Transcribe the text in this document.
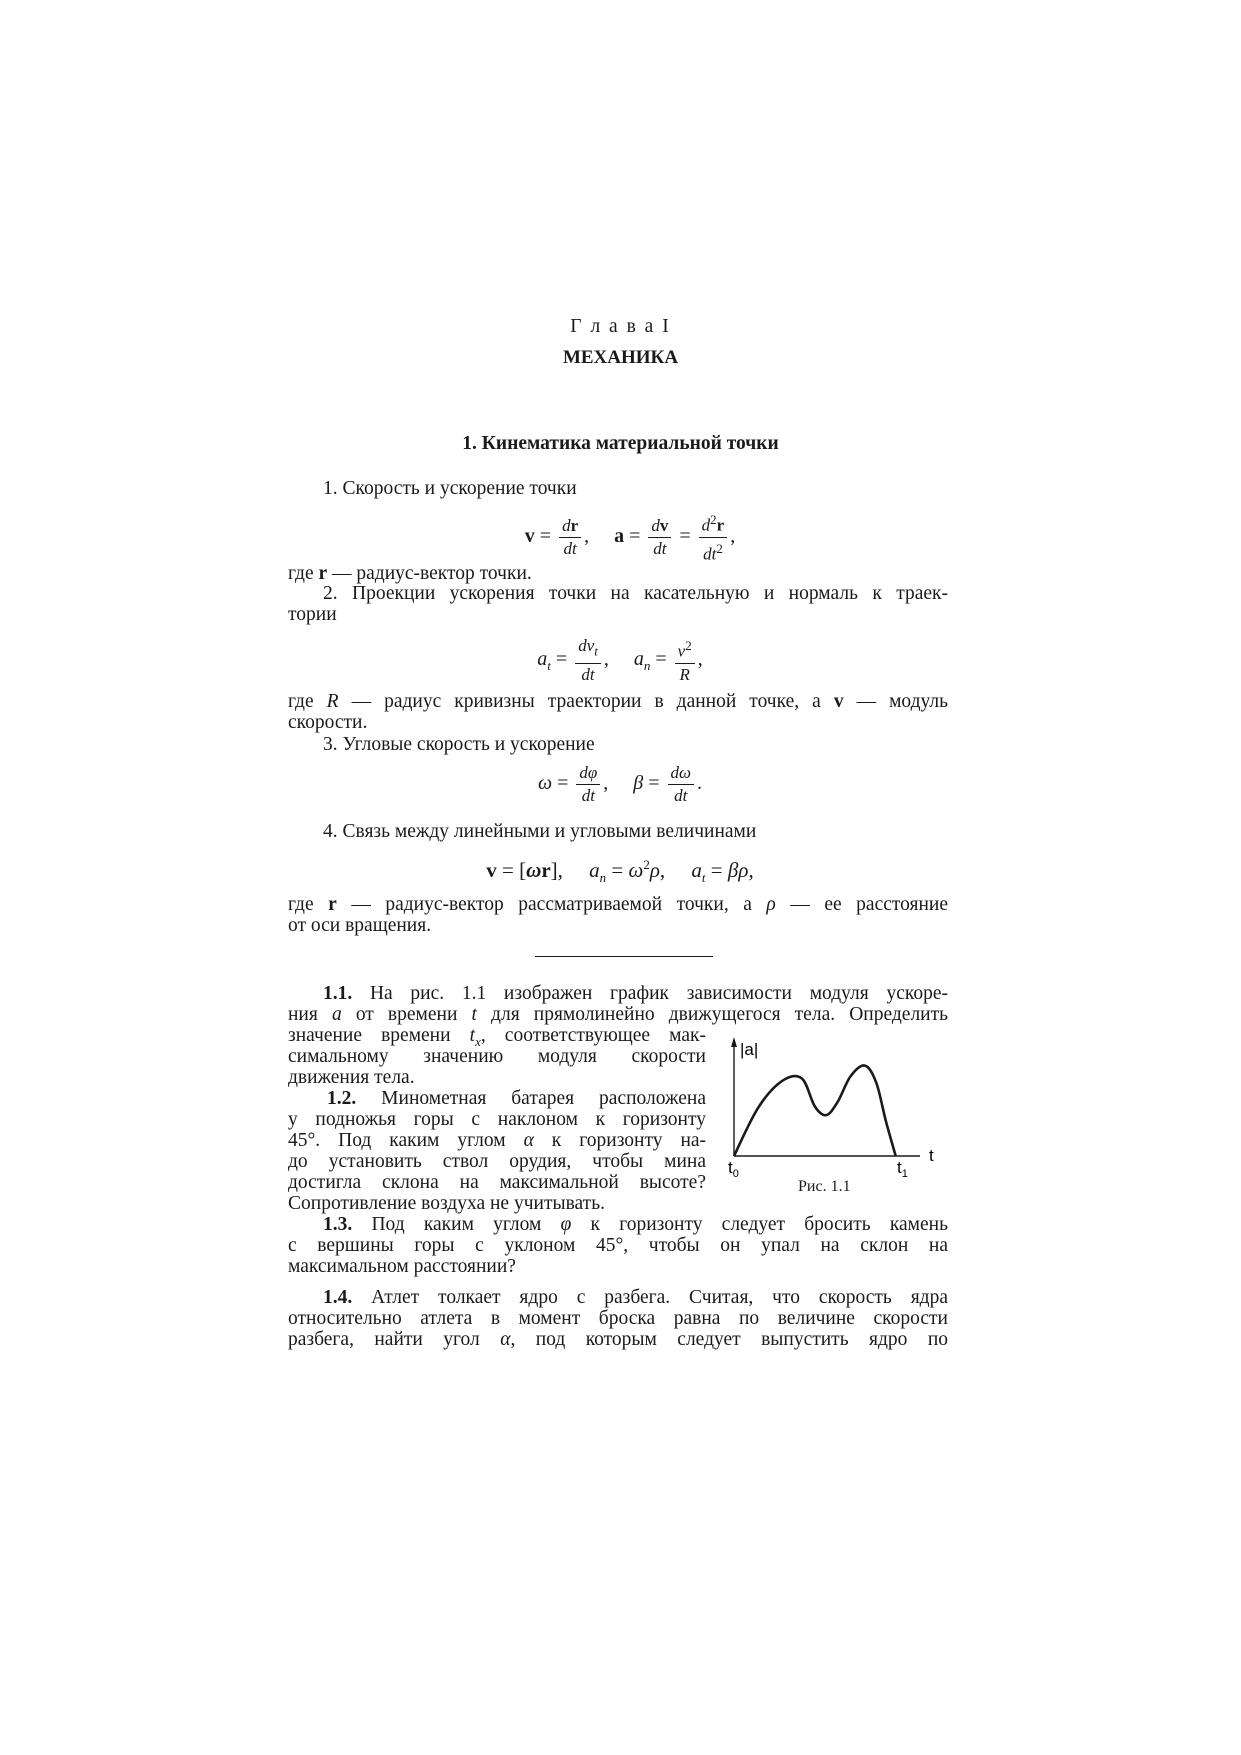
Г л а в а I
МЕХАНИКА
1. Кинематика материальной точки
1. Скорость и ускорение точки
$v = \frac{dr}{dt}$ ,     $a = \frac{dv}{dt} = \frac{d^2r}{dt^2}$ ,
где r — радиус-вектор точки.
2. Проекции ускорения точки на касательную и нормаль к траек-
тории
$a_t = \frac{dv_t}{dt}$ ,     $a_n = \frac{v^2}{R}$ ,
где R — радиус кривизны траектории в данной точке, а v — модуль
скорости.
3. Угловые скорость и ускорение
$\omega = \frac{d\varphi}{dt}$ ,     $\beta = \frac{d\omega}{dt}$ .
4. Связь между линейными и угловыми величинами
v = [ωr],     $a_n = \omega^2\rho$,     $a_t = \beta\rho$,
где r — радиус-вектор рассматриваемой точки, а ρ — ее расстояние
от оси вращения.
1.1. На рис. 1.1 изображен график зависимости модуля ускоре-
ния a от времени t для прямолинейно движущегося тела. Определить
значение времени $t_x$, соответствующее мак-
симальному значению модуля скорости
движения тела.
1.2. Минометная батарея расположена
у подножья горы с наклоном к горизонту
45°. Под каким углом α к горизонту на-
до установить ствол орудия, чтобы мина
достигла склона на максимальной высоте?
Сопротивление воздуха не учитывать.
|a|
t
$t_0$	$t_1$
Рис. 1.1
1.3. Под каким углом φ к горизонту следует бросить камень
с вершины горы с уклоном 45°, чтобы он упал на склон на
максимальном расстоянии?
1.4. Атлет толкает ядро с разбега. Считая, что скорость ядра
относительно атлета в момент броска равна по величине скорости
разбега, найти угол α, под которым следует выпустить ядро по
